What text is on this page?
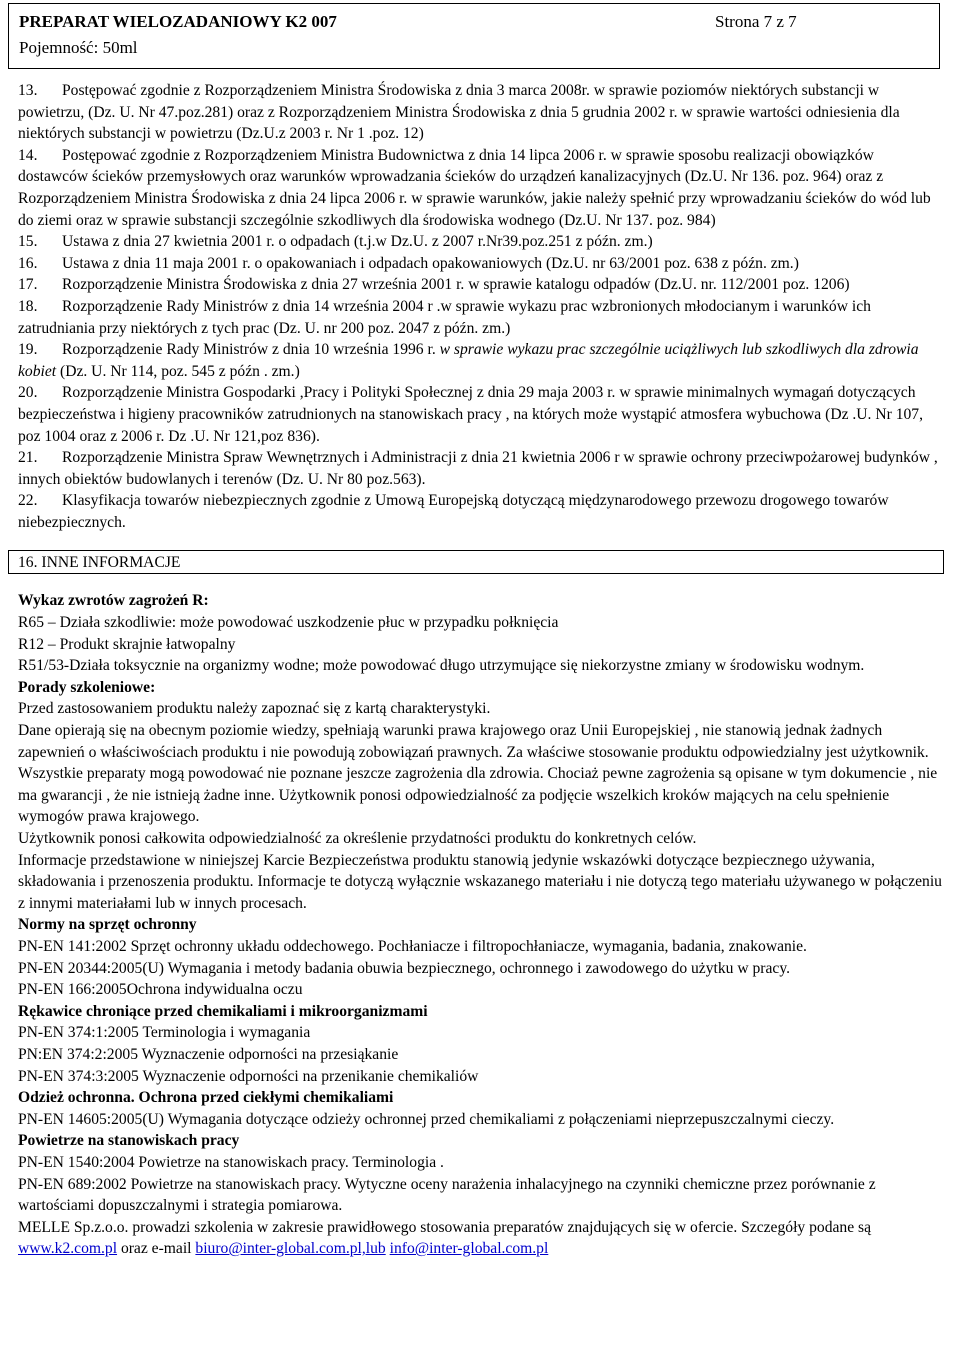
PREPARAT WIELOZADANIOWY K2 007	Strona 7 z 7
Pojemność: 50ml

13. Postępować zgodnie z Rozporządzeniem Ministra Środowiska z dnia 3 marca 2008r. w sprawie poziomów niektórych substancji w powietrzu, (Dz. U. Nr 47.poz.281) oraz z Rozporządzeniem Ministra Środowiska z dnia 5 grudnia 2002 r. w sprawie wartości odniesienia dla niektórych substancji w powietrzu (Dz.U.z 2003 r. Nr 1 .poz. 12)

14. Postępować zgodnie z Rozporządzeniem Ministra Budownictwa z dnia 14 lipca 2006 r. w sprawie sposobu realizacji obowiązków dostawców ścieków przemysłowych oraz warunków wprowadzania ścieków do urządzeń kanalizacyjnych (Dz.U. Nr 136. poz. 964) oraz z Rozporządzeniem Ministra Środowiska z dnia 24 lipca 2006 r. w sprawie warunków, jakie należy spełnić przy wprowadzaniu ścieków do wód lub do ziemi oraz w sprawie substancji szczególnie szkodliwych dla środowiska wodnego (Dz.U. Nr 137. poz. 984)

15. Ustawa z dnia 27 kwietnia 2001 r. o odpadach (t.j.w Dz.U. z 2007 r.Nr39.poz.251 z późn. zm.)

16. Ustawa z dnia 11 maja 2001 r. o opakowaniach i odpadach opakowaniowych (Dz.U. nr 63/2001 poz. 638 z późn. zm.)

17. Rozporządzenie Ministra Środowiska z dnia 27 września 2001 r. w sprawie katalogu odpadów (Dz.U. nr. 112/2001 poz. 1206)

18. Rozporządzenie Rady Ministrów z dnia 14 września 2004 r .w sprawie wykazu prac wzbronionych młodocianym i warunków ich zatrudniania przy niektórych z tych prac (Dz. U. nr 200 poz. 2047 z późn. zm.)

19. Rozporządzenie Rady Ministrów z dnia 10 września 1996 r. w sprawie wykazu prac szczególnie uciążliwych lub szkodliwych dla zdrowia kobiet (Dz. U. Nr 114, poz. 545 z późn . zm.)

20. Rozporządzenie Ministra Gospodarki ,Pracy i Polityki Społecznej z dnia 29 maja 2003 r. w sprawie minimalnych wymagań dotyczących bezpieczeństwa i higieny pracowników zatrudnionych na stanowiskach pracy , na których może wystąpić atmosfera wybuchowa (Dz .U. Nr 107, poz 1004 oraz z 2006 r. Dz .U. Nr 121,poz 836).

21. Rozporządzenie Ministra Spraw Wewnętrznych i Administracji z dnia 21 kwietnia 2006 r w sprawie ochrony przeciwpożarowej budynków , innych obiektów budowlanych i terenów (Dz. U. Nr 80 poz.563).

22. Klasyfikacja towarów niebezpiecznych zgodnie z Umową Europejską dotyczącą międzynarodowego przewozu drogowego towarów niebezpiecznych.

16. INNE INFORMACJE

Wykaz zwrotów zagrożeń R:

R65 – Działa szkodliwie: może powodować uszkodzenie płuc w przypadku połknięcia

R12 – Produkt skrajnie łatwopalny

R51/53-Działa toksycznie na organizmy wodne; może powodować długo utrzymujące się niekorzystne zmiany w środowisku wodnym.

Porady szkoleniowe:

Przed zastosowaniem produktu należy zapoznać się z kartą charakterystyki.

Dane opierają się na obecnym poziomie wiedzy, spełniają warunki prawa krajowego oraz Unii Europejskiej , nie stanowią jednak żadnych zapewnień o właściwościach produktu i nie powodują zobowiązań prawnych. Za właściwe stosowanie produktu odpowiedzialny jest użytkownik. Wszystkie preparaty mogą powodować nie poznane jeszcze zagrożenia dla zdrowia. Chociaż pewne zagrożenia są opisane w tym dokumencie , nie ma gwarancji , że nie istnieją żadne inne. Użytkownik ponosi odpowiedzialność za podjęcie wszelkich kroków mających na celu spełnienie wymogów prawa krajowego.

Użytkownik ponosi całkowita odpowiedzialność za określenie przydatności produktu do konkretnych celów.

Informacje przedstawione w niniejszej Karcie Bezpieczeństwa produktu stanowią jedynie wskazówki dotyczące bezpiecznego używania, składowania i przenoszenia produktu. Informacje te dotyczą wyłącznie wskazanego materiału i nie dotyczą tego materiału używanego w połączeniu z innymi materiałami lub w innych procesach.

Normy na sprzęt ochronny

PN-EN 141:2002 Sprzęt ochronny układu oddechowego. Pochłaniacze i filtropochłaniacze, wymagania, badania, znakowanie.

PN-EN 20344:2005(U) Wymagania i metody badania obuwia bezpiecznego, ochronnego i zawodowego do użytku w pracy.

PN-EN 166:2005Ochrona indywidualna oczu

Rękawice chroniące przed chemikaliami i mikroorganizmami

PN-EN 374:1:2005 Terminologia i wymagania

PN:EN 374:2:2005 Wyznaczenie odporności na przesiąkanie

PN-EN 374:3:2005 Wyznaczenie odporności na przenikanie chemikaliów

Odzież ochronna. Ochrona przed ciekłymi chemikaliami

PN-EN 14605:2005(U) Wymagania dotyczące odzieży ochronnej przed chemikaliami z połączeniami nieprzepuszczalnymi cieczy.

Powietrze na stanowiskach pracy

PN-EN 1540:2004 Powietrze na stanowiskach pracy. Terminologia .

PN-EN 689:2002 Powietrze na stanowiskach pracy. Wytyczne oceny narażenia inhalacyjnego na czynniki chemiczne przez porównanie z wartościami dopuszczalnymi i strategia pomiarowa.

MELLE Sp.z.o.o. prowadzi szkolenia w zakresie prawidłowego stosowania preparatów znajdujących się w ofercie. Szczegóły podane są www.k2.com.pl oraz e-mail biuro@inter-global.com.pl,lub info@inter-global.com.pl
